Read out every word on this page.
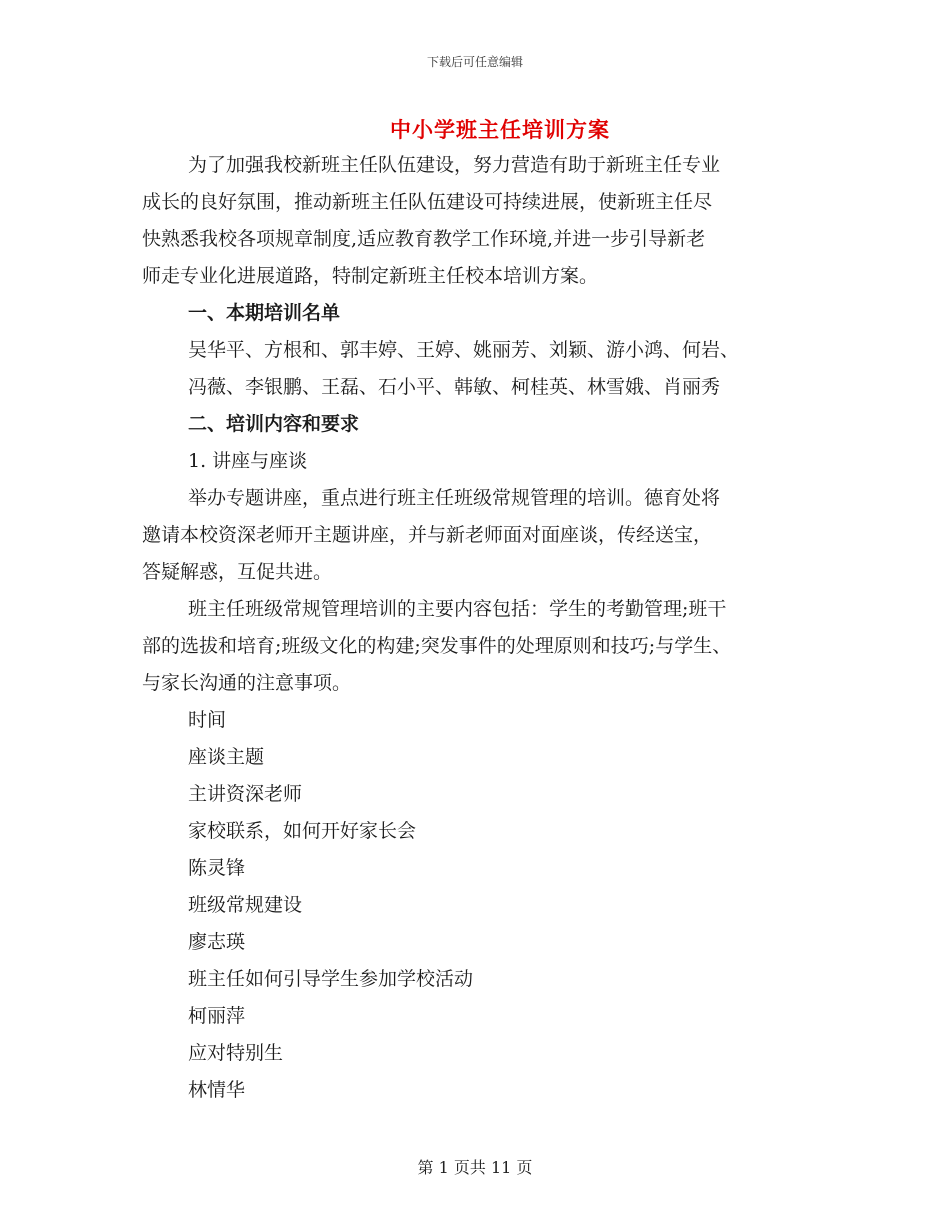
下载后可任意编辑
中小学班主任培训方案
为了加强我校新班主任队伍建设，努力营造有助于新班主任专业
成长的良好氛围，推动新班主任队伍建设可持续进展，使新班主任尽
快熟悉我校各项规章制度,适应教育教学工作环境,并进一步引导新老
师走专业化进展道路，特制定新班主任校本培训方案。
一、本期培训名单
吴华平、方根和、郭丰婷、王婷、姚丽芳、刘颖、游小鸿、何岩、
冯薇、李银鹏、王磊、石小平、韩敏、柯桂英、林雪娥、肖丽秀
二、培训内容和要求
1. 讲座与座谈
举办专题讲座，重点进行班主任班级常规管理的培训。德育处将
邀请本校资深老师开主题讲座，并与新老师面对面座谈，传经送宝，
答疑解惑，互促共进。
班主任班级常规管理培训的主要内容包括：学生的考勤管理;班干
部的选拔和培育;班级文化的构建;突发事件的处理原则和技巧;与学生、
与家长沟通的注意事项。
时间
座谈主题
主讲资深老师
家校联系，如何开好家长会
陈灵锋
班级常规建设
廖志瑛
班主任如何引导学生参加学校活动
柯丽萍
应对特别生
林情华
第 1 页共 11 页
